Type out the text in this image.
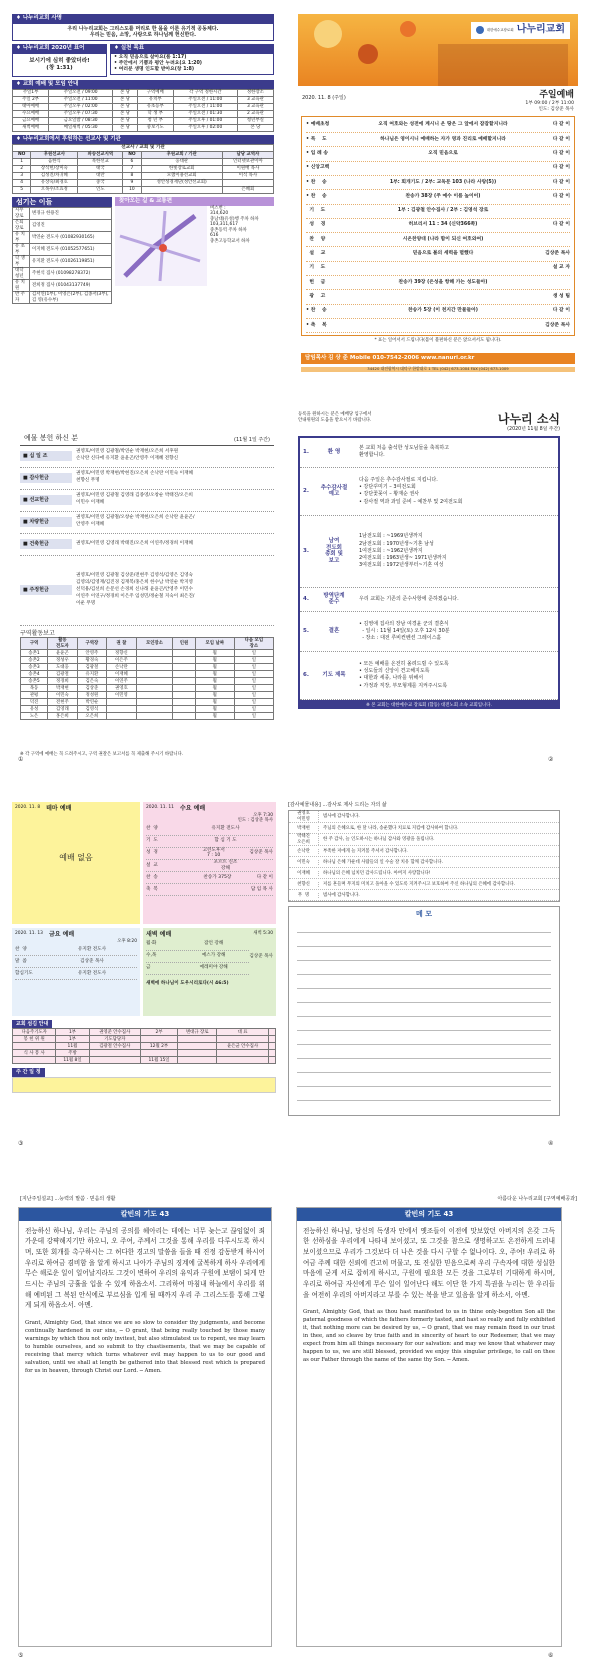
♦ 나누리교회 사명
우리 나누리교회는 그리스도를 머리로 한 몸을 이룬 유기적 공동체다.
우리는 믿음, 소망, 사랑으로 하나님께 헌신한다.
♦ 나누리교회 2020년 표어
보시기에 심히 좋았더라!
(창 1:31)
♦ 실천 목표
• 오직 믿음으로 살아요(롬 1:17)
• 주안에서 기쁨과 평안 누려요(요 1:20)
• 여러분 생명 인도할 받아요(창 1:8)
♦ 교회 예배 및 모임 안내
주일1부	주일오전 / 09:00	본 당	구역예배	각 구역 정한시간	정한장소
주일 2부	주일오전 / 11:00	본 당	유치부	주일오전 / 11:00	3 교육관
태아예배	주일오후 / 02:00	본 당	유초등부	주일오전 / 11:00	3 교육관
수요예배	주일오후 / 07:30	본 당	학 생 부	주일오전 / 01:30	2 교육관
금요예배	금요일밤 / 08:30	본 당	청 년 부	주일오후 / 01:00	청년부실
새벽예배	매일새벽 / 05:30	본 당	중보기도	주일오후 / 02:00	본 당
♦ 나누리교회에서 후원하는 선교사 및 기관
선교사 / 교회 및 기관
NO	후원선교사	파송선교지역	NO	후원교회 / 기관	담당 교역자
1	음한식	북한선교	6	웅대관	인터넷보관이아
2	장석헌/장미숙	태국	7	한빛장로교회	이원배 목사
3	김성진/차귀혜	대만	8	모했이용선교회	이석 목사
4	유상숙/최경호	중국	9	성안성경재단(성안선교회)	
5	오목수/조효정	인도	10		은혜회
섬기는 이들
시무장로	변경규 한용진
은퇴장로	김영진
유 치 부	박연순 전도사 (01082930165)
유 초 부	이지혜 전도사 (01052577651)
학 생 부	유지환 전도사 (01026119851)
대학청년	주현석 집사 (01098278372)
유 치 원	전희정 집사 (01043137749)
반 주 자	김서연(1부), 이영은(2부), 김종서(3부), 김 영(유수부)
찾아오는 길 & 교통편
버스번 :
314,620
충남대(유성)행 주차 하차
103,311,617
중촌동역 주차 하차
616
충촌고등학교서 하차
대한예수교장로회 나누리교회
2020. 11. 8 (주일)	주일예배
1부 09:00 / 2부 11:00
인도: 김상준 목사
• 예배초청	오직 여호와는 성전에 계시니 온 땅은 그 앞에서 잠잠할지니라	다 같 이
• 묵    도	하나님은 영이시니 예배하는 자가 영과 진리로 예배할지니라	다 같 이
• 입 례 송	오직 믿음으로	다 같 이
• 신앙고백	다 같 이
• 찬    송	1부: 회개기도 / 2부: 교독문 103 (나라 사랑(5))	다 같 이
• 찬    송	찬송가 38장 (주 예수 이름 높이어)	다 같 이
기    도	1부 : 김광철 안수집사 / 2부 : 김영석 장로
성    경	히브리서 11 : 34 (신약366쪽)	다 같 이
찬    양	시온찬양대 (나라 함이 되신 여호와여)
설    교	믿음으로 볼의 세력을 멸했다	김상준 목사
기    도	설 교 자
헌    금	찬송가 39장 (은성을 항해 가는 성도들아)
광    고	생 성 팀
• 찬    송	찬송가 5장 (이 천지간 만물들아)	다 같 이
• 축    복	김상준 목사
* 표는 일어서서 드립니다(몸이 불편하신 분은 앉으셔서도 됩니다).
담임목사 김 상 준 Mobile 010-7542-2006 www.nanuri.or.kr
34420 대전광역시 대덕구 한밭대로 1 TEL (042) 673-1004 FAX (042) 673-1009
예물 봉헌 하신 분	(11월 1일 주간)
■ 십 일 조
권영호/이민영 김광철/박연순 박재현/오은희 서후원
손낙란 신다애 유지환 윤윤곤/안영주 이재혜 전향신
■ 감사헌금
권영호/이민영 박재현/박현진/오은희 손낙란 이민숙 이재혜
천향신 무명
■ 선교헌금
권영호/이민영 김광철 김영래 김종영/오창순 박태진/오은희
이민수 이재혜
■ 차량헌금
권영호/이민영 김광철/오창순 박재현/오은희 손낙란 윤윤곤/
안영주 이재혜
■ 건축헌금	권영호/이민영 김영래 박태진/오은희 이연주/정경희 이재혜
■ 주정헌금
권영호/이민영 김광철 김상준/전현주 김영석/김영은 김영숙
김영의/김영재/김진경 김재복/홍은희 한수남 박연순 박지영
선덕용/김선희 손문선 손경희 신나래 윤윤곤/안영주 이민수
이연주 이연구/정경희 이은주 임성민/정순철 지숙이 최은진/
이운 무명
구역활동보고
구역	활동
전도자	구역장	권 찰	모인장소	인원	모임 날짜	다음 모임
장소
송촌1	윤윤곤	안영주	정향신			월	일
송촌2	정성우	황경숙	이은주			월	일
송촌3	도대웅	김광철	손낙란			월	일
송촌4	김광철	유지환	이재혜			월	일
송촌5	정경희	김은숙	이연주			월	일
목동	박재현	김상준	권영호			월	일
관평	이민숙	정성원	이민영			월	일
덕진	전현주	박연순				월	일
유성	김영래	김영석				월	일
노은	홍은희	오은희				월	일
※ 각 구역에 예배는 꼭 드려주시고, 구역 권찰은 보고서를 꼭 제출해 주시기 바랍니다.
등록을 원하시는 분은 예배당 입구에서
안내위원의 도움을 받으시기 바랍니다.	나누리 소식
(2020년 11월 8일 주간)
1.	환 영
본 교회 처음 출석한 성도님들을 축복하고
환영합니다.
2.
추수감사절
예고
다음 주일은 추수감사절로 지킵니다.
• 강단꾸미기 – 3여전도회
• 강단꽃꽂이 – 황재순 권사
• 감사절 역과 과일 준비 – 예찬부 및 2여전도회
3.
남여
전도회
총회 및
보고
1남전도회 : ~1969년생까지
2남전도회 : 1970년생~기혼 남성
1여전도회 : ~1962년생까지
2여전도회 : 1963년생~ 1971년생까지
3여전도회 : 1972년생부터~기혼 여성
4.
방역단계
준수
우리 교회는 기존의 준수사항에 준하겠습니다.
5.	결혼
• 김영애 집사의 장남 여경윤 군의 결혼식
- 일시 : 11월 14일(토) 오후 12시 30분
- 장소 : 대전 루비컨벤션 그레이스홀
6.	기도 제목
• 모든 예배를 온전히 올려드릴 수 있도록
• 성도들의 신앙이 견고해지도록
• 대한과 세종, 나라를 위해서
• 가정과 직장, 부모형제를 지켜주시도록
※ 본 교회는 대한예수교 장로회 (합동) 대전노회 소속 교회입니다.
2020. 11. 8 테마 예배
예배 없음
2020. 11. 13 금요 예배
오후 8:20
찬  양	유지환 전도사
말  씀	김상준 목사
합심기도	유지환 전도사
2020. 11. 11 수요 예배
오후 7:30
인도 : 김상준 목사
찬  양	유지환 전도사
기  도	합 심 기 도
성  경
고린도후서
7 : 10
김상준 목사
설  교
포르트 신조
강해
찬  송	찬송가 375장	다 같 이
축  복	담 임 목 사
새벽 예배	새벽 5:30
월·화	잠언 강해
수,목	예스가 강해
금	예레미야 강해
김상준 목사
새벽에 하나님이 도우시리로다(시 46:5)
교회 섬김 안내
다음주기도자	1부	권영준 안수집사	2부	변대규 장로	대 표	
봉 헌 위 원	1부	기도담당자				
	11월	김광철 안수집사	12월 2부		윤은균 안수집사	
식 사 봉 사	주방					
	11월 8일		11월 15일			
주 간 일 정
[감사예물내용] ...감사로 제사 드리는 자의 삶
권영호
이민영
범사에 감사합니다.
박재현	주님의 은혜으로, 한 달 나라, 송운했다 치료로 지킴에 감사하여 합니다.
박태진
오은희
한 주 감사, 늘 인도하시는 하나님 감사와 영광을 돌립니다.
손낙란	부족한 저에게 늘 지켜봄 주셔서 감사합니다.
이민숙	하나님 은혜 가운데 사람들의 일 수술 잘 치유 함께 감사합니다.
이재혜	하나님의 은혜 넘치던 감사드립니다. 아버지 사랑합니다!
천향신	저를 흔들며 무지의 미치고 돌아올 수 있도록 지켜주시고 보호하여 주신 하나님의 은혜에 감사합니다.
무  명	범사에 감사합니다.
메 모
[지난주일설교] ...능력의 말씀 · 믿음의 생활	아름다운 나누리교회 [구역예배공과]
칼빈의 기도 43
전능하신 하나님, 우리는 주님의 공의를 헤아리는 데에는 너무 늦는고 끊임없이 죄 가운데 강퍅해지기만 하오니, 오 주여, 주께서 그것을 통해 우리를 다루시도록 하시며, 또한 회개를 촉구하시는 그 허다한 경고의 말씀을 들을 때 진정 감동받게 하시어 우리로 하여금 겸비함 을 알게 하시고 나아가 주님의 징계에 굴복하게 하사 우리에게 무슨 해로운 일이 일어날지라도 그것이 변하여 우리의 유익과 구원에 보탬이 되게 만드시는 주님의 긍휼을 입을 수 있게 하옵소서. 그리하여 마침내 하늘에서 우리를 위해 예비된 그 복된 안식에로 부르심을 입게 될 때까지 우리 주 그리스도를 통해 그렇게 되게 하옵소서. 아멘.
Grant, Almighty God, that since we are so slow to consider thy judgments, and become continually hardened in our sins, ─ O grant, that being really touched by those many warnings by which thou not only invitest, but also stimulatest us to repent, we may learn to humble ourselves, and so submit to thy chastisements, that we may be capable of receiving that mercy which turns whatever evil may happen to us to our good and salvation, until we shall at length be gathered into that blessed rest which is prepared for us in heaven, through Christ our Lord. ─ Amen.
칼빈의 기도 43
전능하신 하나님, 당신의 독생자 안에서 옛조들이 이전에 맛보았던 아버지의 온갖 그득한 선하심을 우리에게 나타내 보이셨고, 또 그것을 참으로 생명하고도 온전하게 드러내 보이셨으므로 우리가 그것보다 더 나은 것을 다시 구할 수 없나이다. 오, 주여! 우리로 하여금 주께 대한 신뢰에 견고히 머물고, 또 진실한 믿음으로써 우리 구속자에 대한 성실한 마음에 굳게 서로 잡히게 하시고, 구원에 필요한 모든 것을 그로부터 기대하게 하시며, 우리로 하여금 자신에게 무슨 일이 일어난다 해도 이단 한 가지 특권을 누리는 한 우리들을 여전히 우리의 아버지라고 부를 수 있는 복을 받고 있음을 알게 하소서, 아멘.
Grant, Almighty God, that as thou hast manifested to us in thine only-begotten Son all the paternal goodness of which the fathers formerly tasted, and hast so really and fully exhibited it, that nothing more can be desired by us, ─ O grant, that we may remain fixed in our trust in thee, and so cleave by true faith and in sincerity of heart to our Redeemer, that we may expect from him all things necessary for our salvation: and may we know that whatever may happen to us, we are still blessed, provided we enjoy this singular privilege, to call on thee as our Father through the name of the same thy Son. ─ Amen.
①	②
③	④
⑤	⑥
